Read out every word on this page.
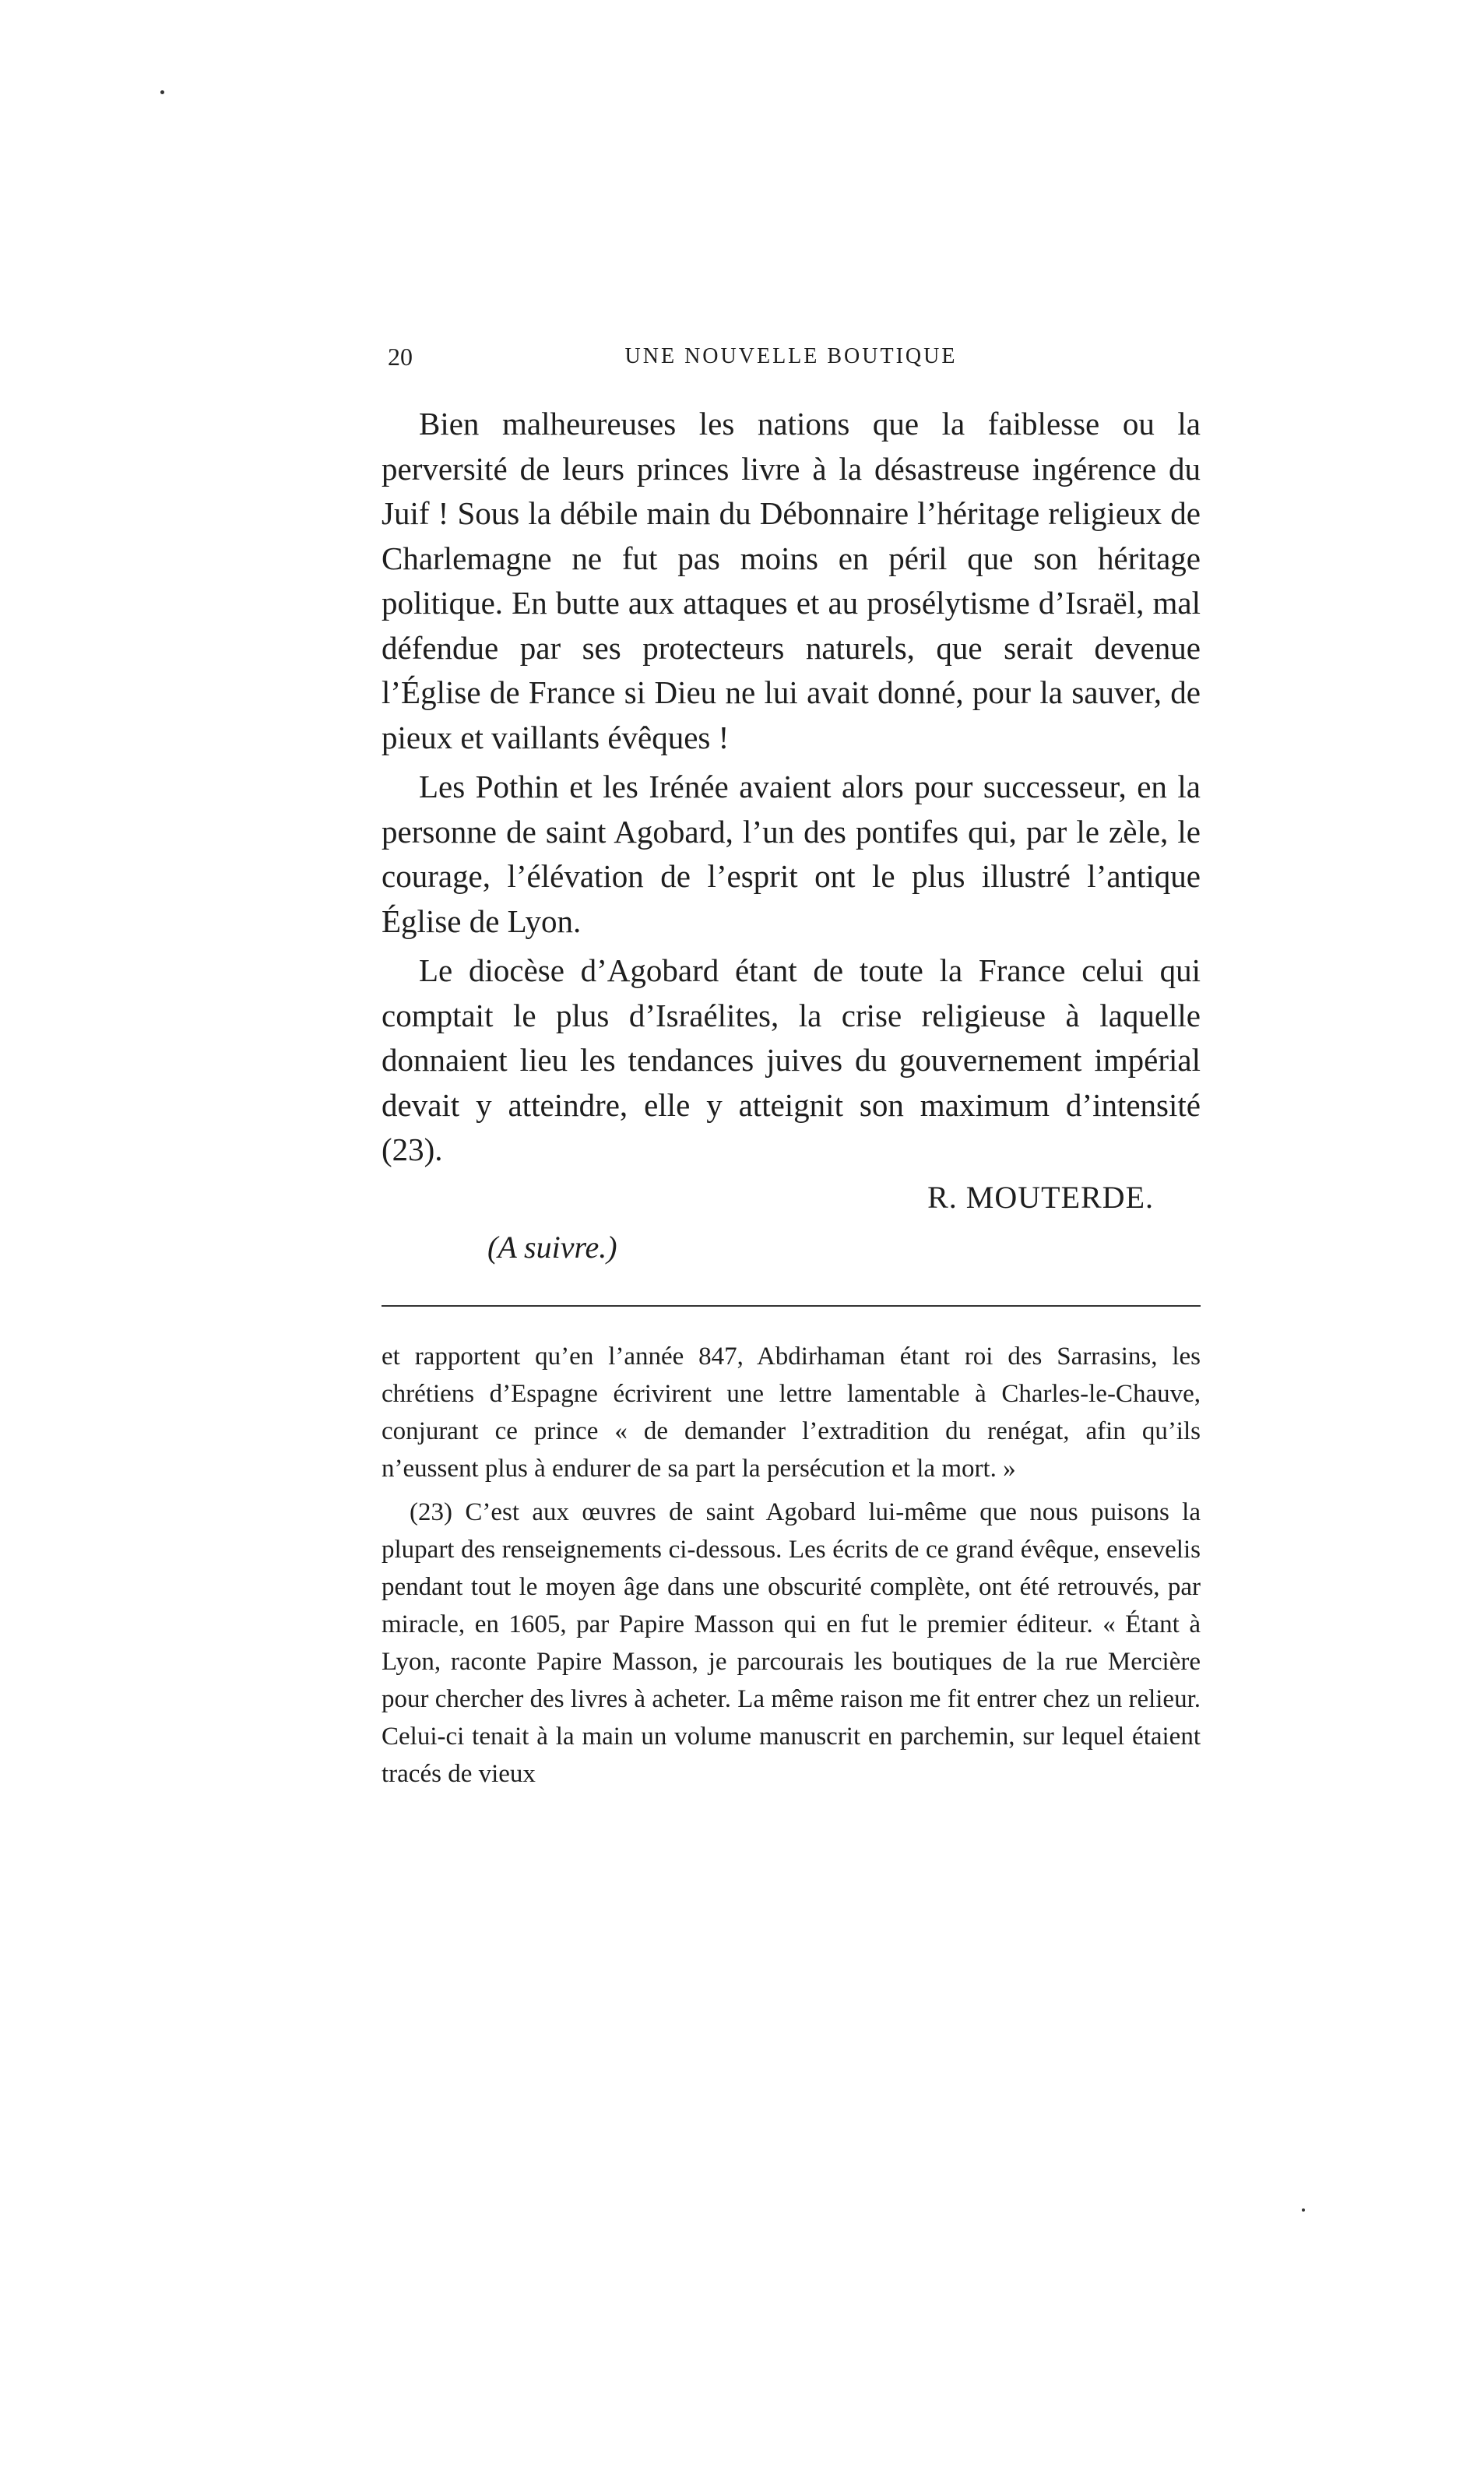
20	UNE NOUVELLE BOUTIQUE

Bien malheureuses les nations que la faiblesse ou la perversité de leurs princes livre à la désastreuse ingérence du Juif ! Sous la débile main du Débonnaire l’héritage religieux de Charlemagne ne fut pas moins en péril que son héritage politique. En butte aux attaques et au prosélytisme d’Israël, mal défendue par ses protecteurs naturels, que serait devenue l’Église de France si Dieu ne lui avait donné, pour la sauver, de pieux et vaillants évêques !

Les Pothin et les Irénée avaient alors pour successeur, en la personne de saint Agobard, l’un des pontifes qui, par le zèle, le courage, l’élévation de l’esprit ont le plus illustré l’antique Église de Lyon.

Le diocèse d’Agobard étant de toute la France celui qui comptait le plus d’Israélites, la crise religieuse à laquelle donnaient lieu les tendances juives du gouvernement impérial devait y atteindre, elle y atteignit son maximum d’intensité (23).

R. MOUTERDE.
(A suivre.)

et rapportent qu’en l’année 847, Abdirhaman étant roi des Sarrasins, les chrétiens d’Espagne écrivirent une lettre lamentable à Charles-le-Chauve, conjurant ce prince « de demander l’extradition du renégat, afin qu’ils n’eussent plus à endurer de sa part la persécution et la mort. »

(23) C’est aux œuvres de saint Agobard lui-même que nous puisons la plupart des renseignements ci-dessous. Les écrits de ce grand évêque, ensevelis pendant tout le moyen âge dans une obscurité complète, ont été retrouvés, par miracle, en 1605, par Papire Masson qui en fut le premier éditeur. « Étant à Lyon, raconte Papire Masson, je parcourais les boutiques de la rue Mercière pour chercher des livres à acheter. La même raison me fit entrer chez un relieur. Celui-ci tenait à la main un volume manuscrit en parchemin, sur lequel étaient tracés de vieux
